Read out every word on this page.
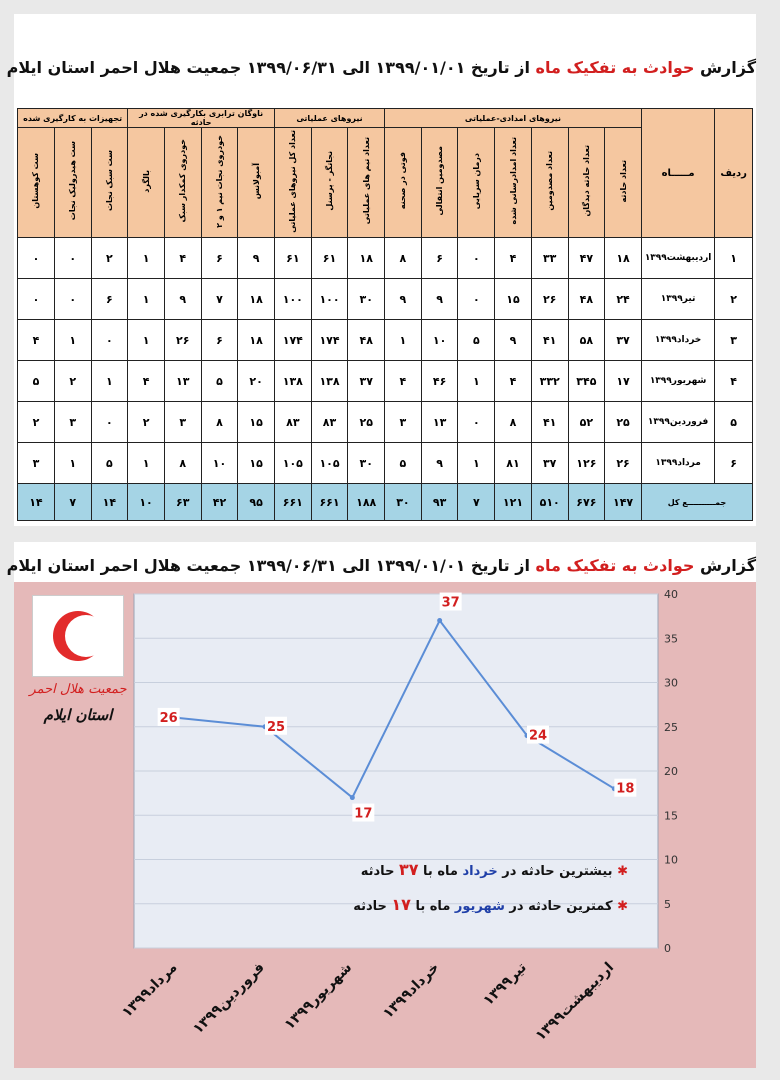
گزارش حوادث به تفکیک ماه از تاریخ ۱۳۹۹/۰۱/۰۱ الی ۱۳۹۹/۰۶/۳۱ جمعیت هلال احمر استان ایلام
ردیف	مـــــاه	نیروهای امدادی-عملیاتی							نیروهای عملیاتی			ناوگان ترابری بکارگیری شده در حادثه				تجهیزات به کارگیری شده		
		تعداد حادثه	تعداد حادثه دیدگان	تعداد مصدومین	تعداد امدادرسانی شده	درمان سرپایی	مصدومین انتقالی	فوتی در صحنه	تعداد تیم های عملیاتی	نجاتگر - پرسنل	تعداد کل نیروهای عملیاتی	آمبولانس	خودروی نجات نیم ۱ و ۲	خودروی کمکدار سبک	بالگرد	ست سبک نجات	ست هیدرولیک نجات	ست کوهستان
۱	اردیبهشت۱۳۹۹	۱۸	۴۷	۳۳	۴	۰	۶	۸	۱۸	۶۱	۶۱	۹	۶	۴	۱	۲	۰	۰
۲	تیر۱۳۹۹	۲۴	۴۸	۲۶	۱۵	۰	۹	۹	۳۰	۱۰۰	۱۰۰	۱۸	۷	۹	۱	۶	۰	۰
۳	خرداد۱۳۹۹	۳۷	۵۸	۴۱	۹	۵	۱۰	۱	۴۸	۱۷۴	۱۷۴	۱۸	۶	۲۶	۱	۰	۱	۴
۴	شهریور۱۳۹۹	۱۷	۳۴۵	۳۳۲	۴	۱	۴۶	۴	۳۷	۱۳۸	۱۳۸	۲۰	۵	۱۳	۴	۱	۲	۵
۵	فروردین۱۳۹۹	۲۵	۵۲	۴۱	۸	۰	۱۳	۳	۲۵	۸۳	۸۳	۱۵	۸	۳	۲	۰	۳	۲
۶	مرداد۱۳۹۹	۲۶	۱۲۶	۳۷	۸۱	۱	۹	۵	۳۰	۱۰۵	۱۰۵	۱۵	۱۰	۸	۱	۵	۱	۳
جمــــــــــع کل		۱۴۷	۶۷۶	۵۱۰	۱۲۱	۷	۹۳	۳۰	۱۸۸	۶۶۱	۶۶۱	۹۵	۴۲	۶۳	۱۰	۱۴	۷	۱۴
گزارش حوادث به تفکیک ماه از تاریخ ۱۳۹۹/۰۱/۰۱ الی ۱۳۹۹/۰۶/۳۱ جمعیت هلال احمر استان ایلام
جمعیت هلال احمر
استان ایلام
0
5
10
15
20
25
30
35
40
26
25
17
37
24
18
مرداد۱۳۹۹
فروردین۱۳۹۹
شهریور۱۳۹۹ خرداد۱۳۹۹	تیر۱۳۹۹
اردیبهشت۱۳۹۹
✱ بیشترین حادثه در خرداد ماه با ۳۷ حادثه
✱ کمترین حادثه در شهریور ماه با ۱۷ حادثه
